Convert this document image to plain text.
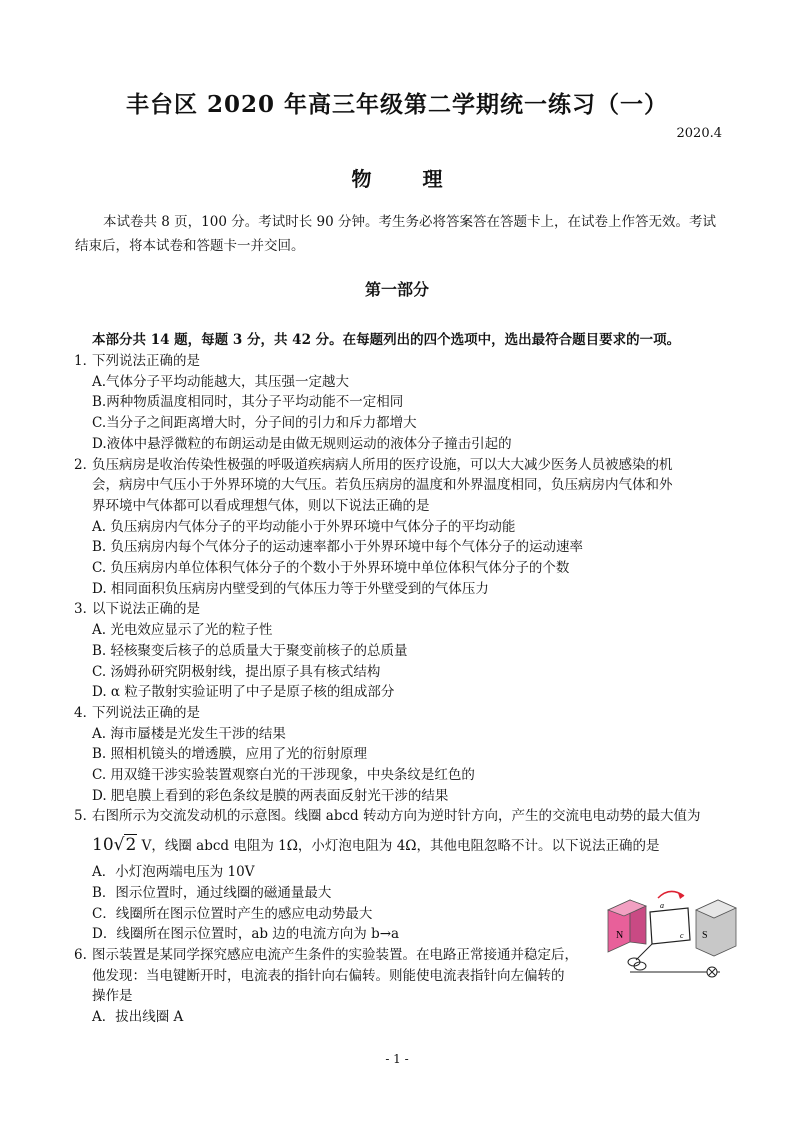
丰台区 2020 年高三年级第二学期统一练习（一）
2020.4
物 理
本试卷共 8 页，100 分。考试时长 90 分钟。考生务必将答案答在答题卡上，在试卷上作答无效。考试结束后，将本试卷和答题卡一并交回。
第一部分
本部分共 14 题，每题 3 分，共 42 分。在每题列出的四个选项中，选出最符合题目要求的一项。
1．下列说法正确的是
A.气体分子平均动能越大，其压强一定越大
B.两种物质温度相同时，其分子平均动能不一定相同
C.当分子之间距离增大时，分子间的引力和斥力都增大
D.液体中悬浮微粒的布朗运动是由做无规则运动的液体分子撞击引起的
2．负压病房是收治传染性极强的呼吸道疾病病人所用的医疗设施，可以大大减少医务人员被感染的机
会，病房中气压小于外界环境的大气压。若负压病房的温度和外界温度相同，负压病房内气体和外
界环境中气体都可以看成理想气体，则以下说法正确的是
A. 负压病房内气体分子的平均动能小于外界环境中气体分子的平均动能
B. 负压病房内每个气体分子的运动速率都小于外界环境中每个气体分子的运动速率
C. 负压病房内单位体积气体分子的个数小于外界环境中单位体积气体分子的个数
D. 相同面积负压病房内壁受到的气体压力等于外壁受到的气体压力
3．以下说法正确的是
A. 光电效应显示了光的粒子性
B. 轻核聚变后核子的总质量大于聚变前核子的总质量
C. 汤姆孙研究阴极射线，提出原子具有核式结构
D. α 粒子散射实验证明了中子是原子核的组成部分
4．下列说法正确的是
A. 海市蜃楼是光发生干涉的结果
B. 照相机镜头的增透膜，应用了光的衍射原理
C. 用双缝干涉实验装置观察白光的干涉现象，中央条纹是红色的
D. 肥皂膜上看到的彩色条纹是膜的两表面反射光干涉的结果
5．右图所示为交流发动机的示意图。线圈 abcd 转动方向为逆时针方向，产生的交流电电动势的最大值为
10√2 V，线圈 abcd 电阻为 1Ω，小灯泡电阻为 4Ω，其他电阻忽略不计。以下说法正确的是
A．小灯泡两端电压为 10V
B．图示位置时，通过线圈的磁通量最大
C．线圈所在图示位置时产生的感应电动势最大
D．线圈所在图示位置时，ab 边的电流方向为 b→a
6. 图示装置是某同学探究感应电流产生条件的实验装置。在电路正常接通并稳定后，
他发现：当电键断开时，电流表的指针向右偏转。则能使电流表指针向左偏转的
操作是
A．拔出线圈 A
N	S
a
c
- 1 -
